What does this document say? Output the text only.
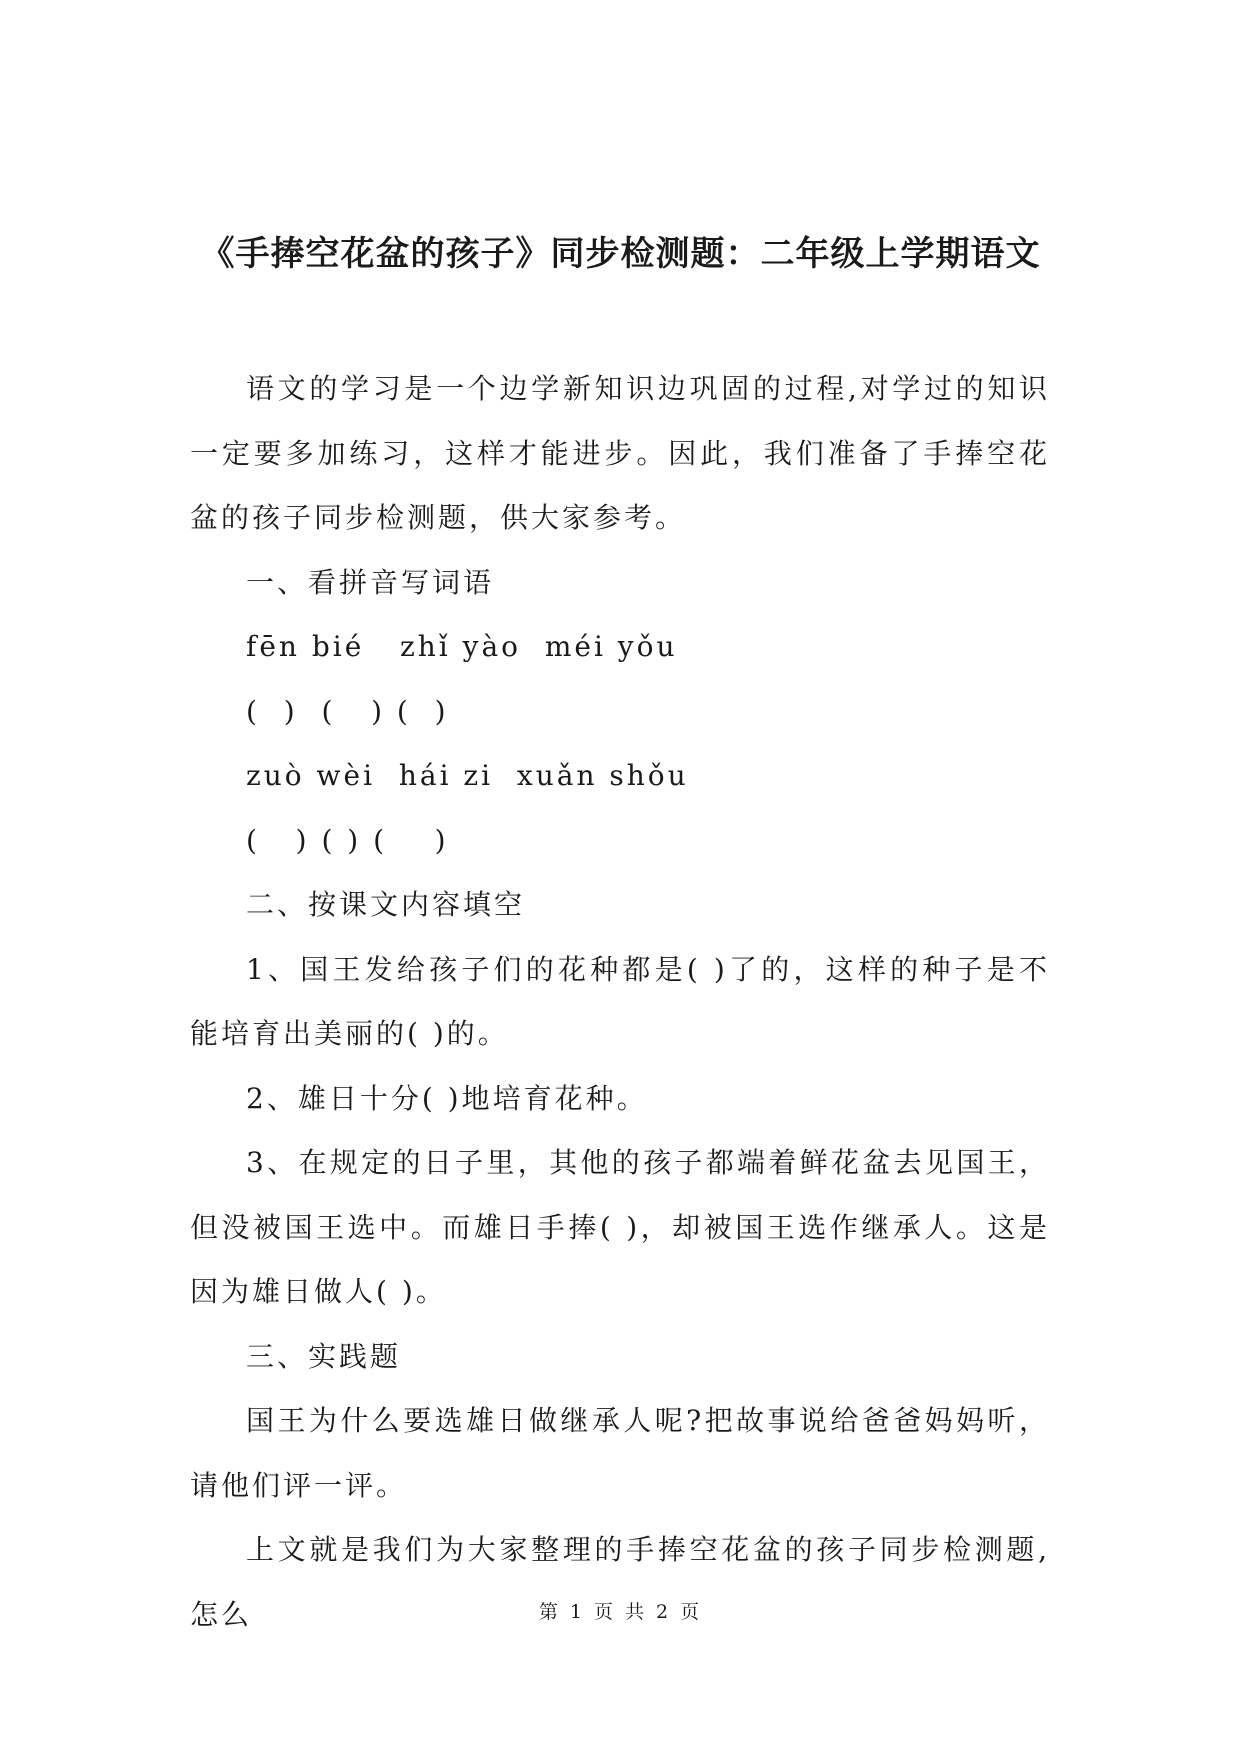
《手捧空花盆的孩子》同步检测题：二年级上学期语文

语文的学习是一个边学新知识边巩固的过程,对学过的知识一定要多加练习，这样才能进步。因此，我们准备了手捧空花盆的孩子同步检测题，供大家参考。

一、看拼音写词语

fēn bié   zhǐ yào  méi yǒu

(  )  (   ) (  )

zuò wèi  hái zi  xuǎn shǒu

(   ) ( ) (    )

二、按课文内容填空

1、国王发给孩子们的花种都是( )了的，这样的种子是不能培育出美丽的( )的。

2、雄日十分( )地培育花种。

3、在规定的日子里，其他的孩子都端着鲜花盆去见国王，但没被国王选中。而雄日手捧( )，却被国王选作继承人。这是因为雄日做人( )。

三、实践题

国王为什么要选雄日做继承人呢?把故事说给爸爸妈妈听，请他们评一评。

上文就是我们为大家整理的手捧空花盆的孩子同步检测题,怎么	第 1 页 共 2 页
